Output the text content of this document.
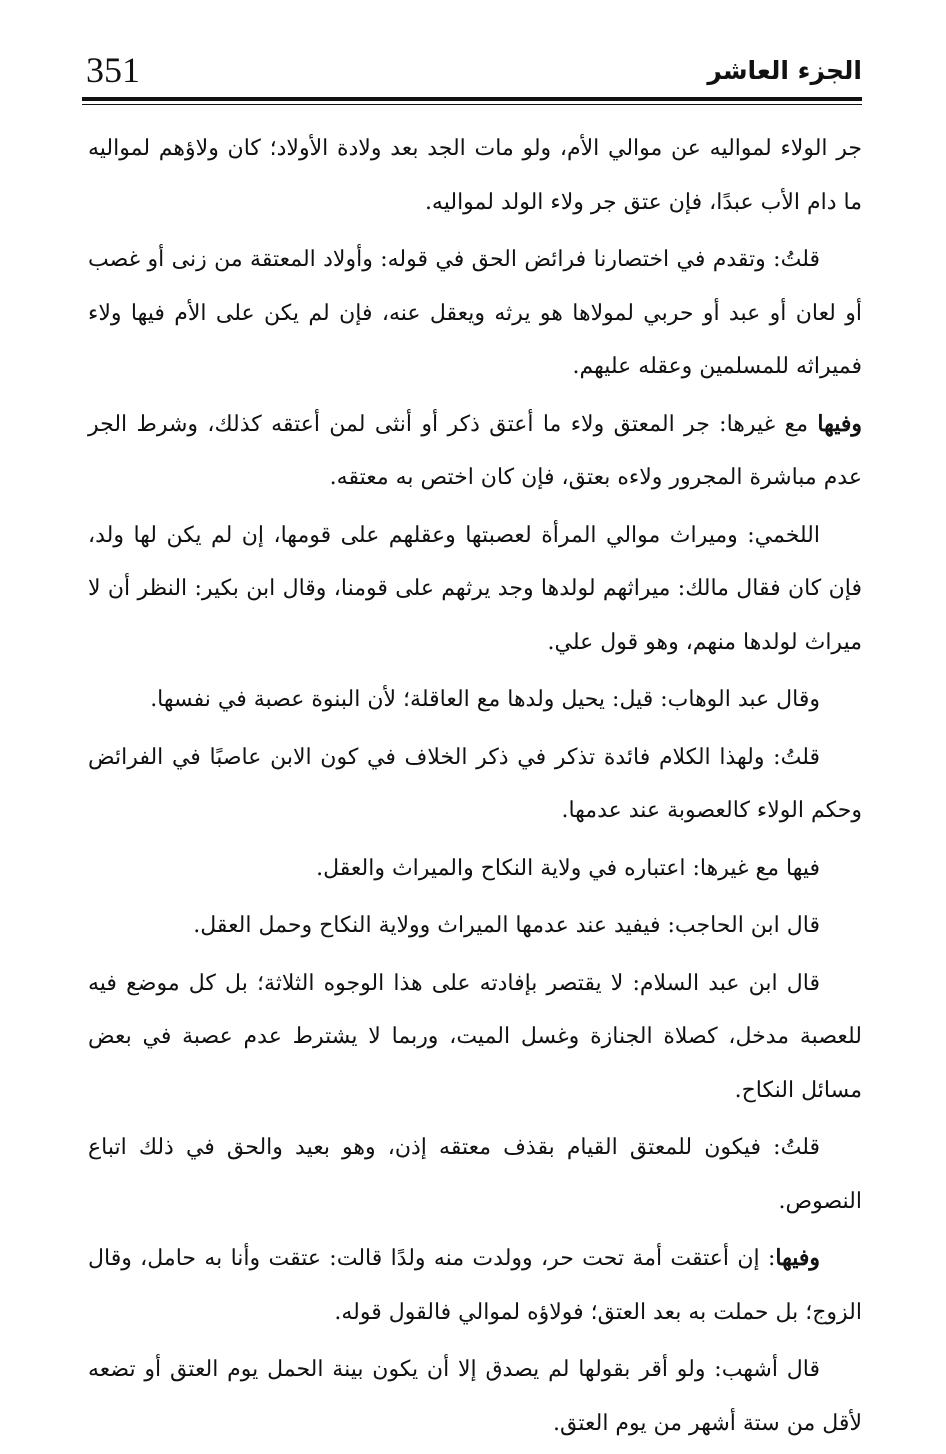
351	الجزء العاشر

جر الولاء لمواليه عن موالي الأم، ولو مات الجد بعد ولادة الأولاد؛ كان ولاؤهم لمواليه ما دام الأب عبدًا، فإن عتق جر ولاء الولد لمواليه.

قلتُ: وتقدم في اختصارنا فرائض الحق في قوله: وأولاد المعتقة من زنى أو غصب أو لعان أو عبد أو حربي لمولاها هو يرثه ويعقل عنه، فإن لم يكن على الأم فيها ولاء فميراثه للمسلمين وعقله عليهم.

وفيها مع غيرها: جر المعتق ولاء ما أعتق ذكر أو أنثى لمن أعتقه كذلك، وشرط الجر عدم مباشرة المجرور ولاءه بعتق، فإن كان اختص به معتقه.

اللخمي: وميراث موالي المرأة لعصبتها وعقلهم على قومها، إن لم يكن لها ولد، فإن كان فقال مالك: ميراثهم لولدها وجد يرثهم على قومنا، وقال ابن بكير: النظر أن لا ميراث لولدها منهم، وهو قول علي.

وقال عبد الوهاب: قيل: يحيل ولدها مع العاقلة؛ لأن البنوة عصبة في نفسها.

قلتُ: ولهذا الكلام فائدة تذكر في ذكر الخلاف في كون الابن عاصبًا في الفرائض وحكم الولاء كالعصوبة عند عدمها.

فيها مع غيرها: اعتباره في ولاية النكاح والميراث والعقل.

قال ابن الحاجب: فيفيد عند عدمها الميراث وولاية النكاح وحمل العقل.

قال ابن عبد السلام: لا يقتصر بإفادته على هذا الوجوه الثلاثة؛ بل كل موضع فيه للعصبة مدخل، كصلاة الجنازة وغسل الميت، وربما لا يشترط عدم عصبة في بعض مسائل النكاح.

قلتُ: فيكون للمعتق القيام بقذف معتقه إذن، وهو بعيد والحق في ذلك اتباع النصوص.

وفيها: إن أعتقت أمة تحت حر، وولدت منه ولدًا قالت: عتقت وأنا به حامل، وقال الزوج؛ بل حملت به بعد العتق؛ فولاؤه لموالي فالقول قوله.

قال أشهب: ولو أقر بقولها لم يصدق إلا أن يكون بينة الحمل يوم العتق أو تضعه لأقل من ستة أشهر من يوم العتق.
